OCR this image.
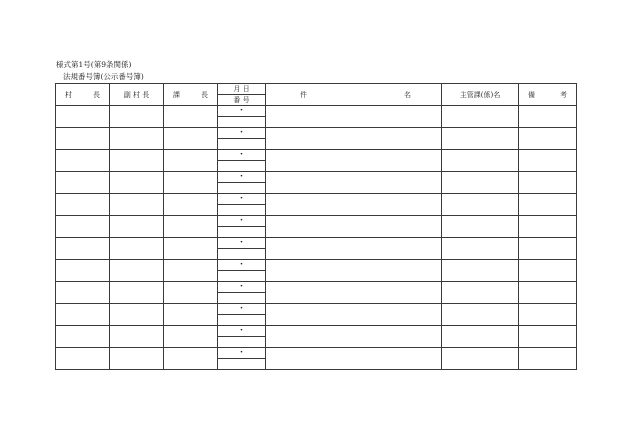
様式第1号(第9条関係)
法規番号簿(公示番号簿)
村 長	副 村 長	課 長	月 日	件 名	主管課(係)名	備 考

			番 号			
			・			

			・			

			・			

			・			

			・			

			・			

			・			

			・			

			・			

			・			

			・			

			・			
